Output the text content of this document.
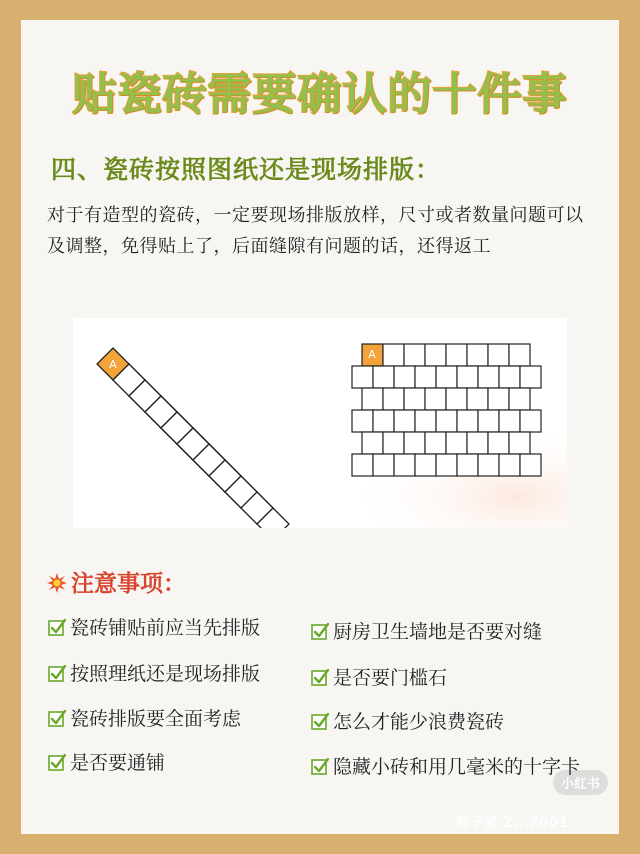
贴瓷砖需要确认的十件事
四、瓷砖按照图纸还是现场排版：
对于有造型的瓷砖，一定要现场排版放样，尺寸或者数量问题可以及调整，免得贴上了，后面缝隙有问题的话，还得返工
A
A
注意事项：
小红书
柚子家 Z...2001
瓷砖铺贴前应当先排版
按照理纸还是现场排版
瓷砖排版要全面考虑
是否要通铺
厨房卫生墙地是否要对缝
是否要门槛石
怎么才能少浪费瓷砖
隐藏小砖和用几毫米的十字卡
